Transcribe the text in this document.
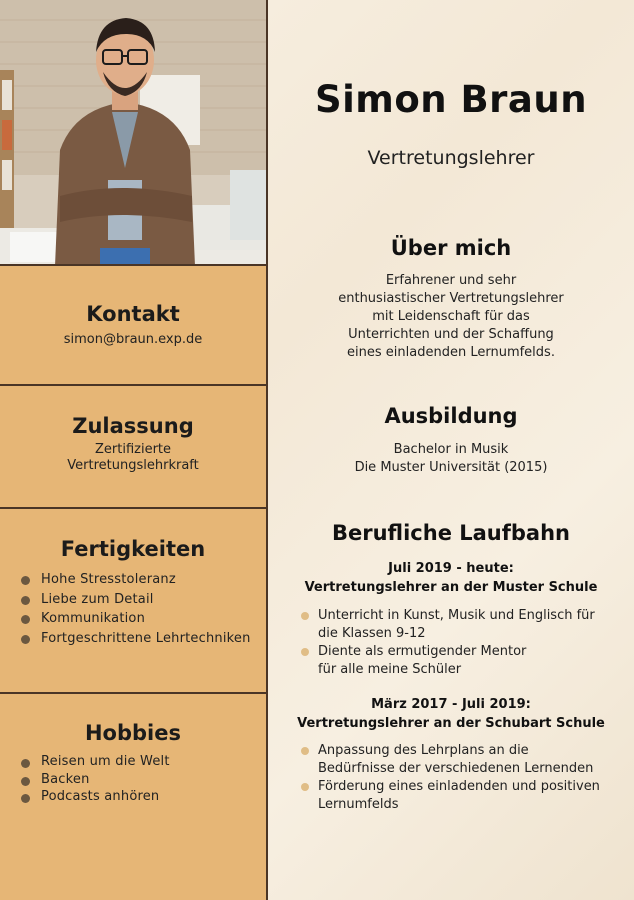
Kontakt
simon@braun.exp.de
Zulassung
Zertifizierte
Vertretungslehrkraft
Fertigkeiten
Hohe Stresstoleranz
Liebe zum Detail
Kommunikation
Fortgeschrittene Lehrtechniken
Hobbies
Reisen um die Welt
Backen
Podcasts anhören
Simon Braun
Vertretungslehrer
Über mich
Erfahrener und sehr
enthusiastischer Vertretungslehrer
mit Leidenschaft für das
Unterrichten und der Schaffung
eines einladenden Lernumfelds.
Ausbildung
Bachelor in Musik
Die Muster Universität (2015)
Berufliche Laufbahn
Juli 2019 - heute:
Vertretungslehrer an der Muster Schule
Unterricht in Kunst, Musik und Englisch für
die Klassen 9-12
Diente als ermutigender Mentor
für alle meine Schüler
März 2017 - Juli 2019:
Vertretungslehrer an der Schubart Schule
Anpassung des Lehrplans an die
Bedürfnisse der verschiedenen Lernenden
Förderung eines einladenden und positiven
Lernumfelds
